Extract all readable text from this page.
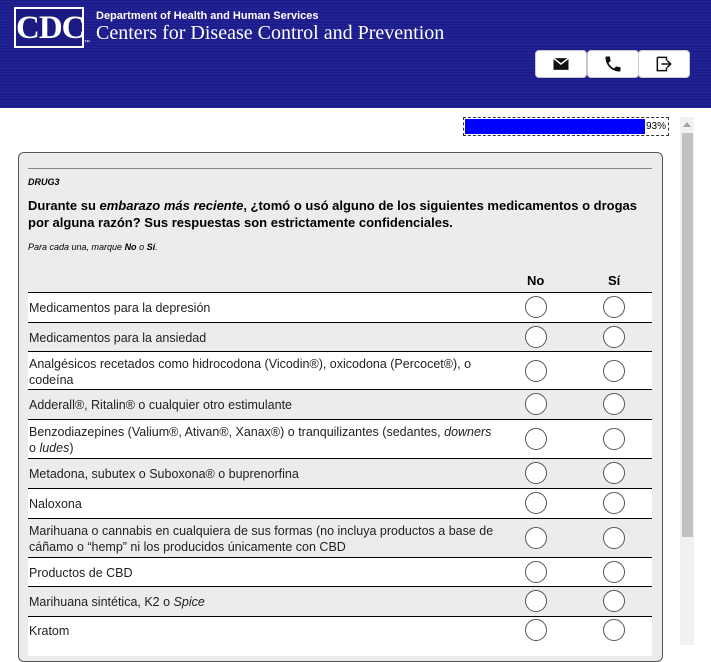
CDC ™
Department of Health and Human Services
Centers for Disease Control and Prevention
93%
DRUG3
Durante su embarazo más reciente, ¿tomó o usó alguno de los siguientes medicamentos o drogas por alguna razón? Sus respuestas son estrictamente confidenciales.
Para cada una, marque No o Sí.
No	Sí
Medicamentos para la depresión
Medicamentos para la ansiedad
Analgésicos recetados como hidrocodona (Vicodin®), oxicodona (Percocet®), o codeína
Adderall®, Ritalin® o cualquier otro estimulante
Benzodiazepines (Valium®, Ativan®, Xanax®) o tranquilizantes (sedantes, downers o ludes)
Metadona, subutex o Suboxona® o buprenorfina
Naloxona
Marihuana o cannabis en cualquiera de sus formas (no incluya productos a base de cáñamo o “hemp” ni los producidos únicamente con CBD
Productos de CBD
Marihuana sintética, K2 o Spice
Kratom
